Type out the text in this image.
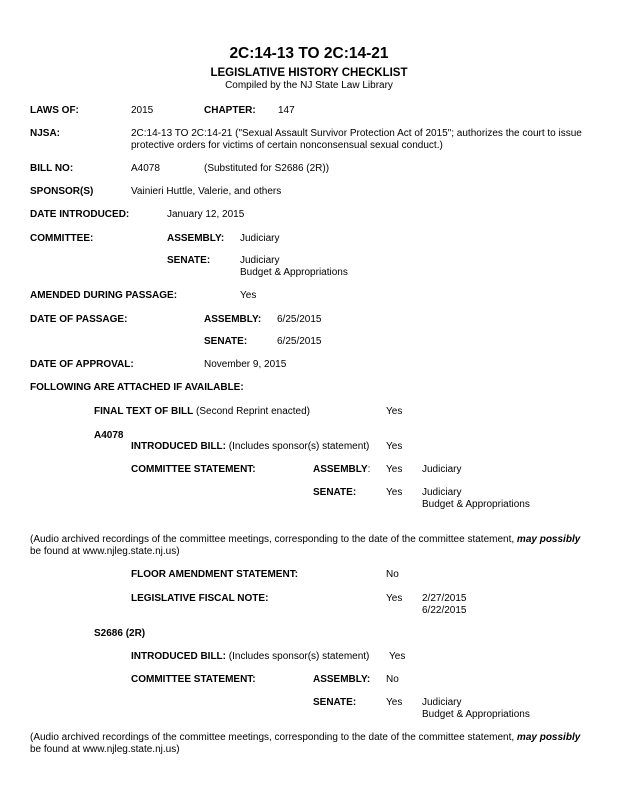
2C:14-13 TO 2C:14-21
LEGISLATIVE HISTORY CHECKLIST
Compiled by the NJ State Law Library
LAWS OF:	2015	CHAPTER: 147
NJSA:	2C:14-13 TO 2C:14-21 ("Sexual Assault Survivor Protection Act of 2015"; authorizes the court to issue
protective orders for victims of certain nonconsensual sexual conduct.)
BILL NO:	A4078	(Substituted for S2686 (2R))
SPONSOR(S)	Vainieri Huttle, Valerie, and others
DATE INTRODUCED:	January 12, 2015
COMMITTEE:	ASSEMBLY: Judiciary
SENATE:	Judiciary
Budget & Appropriations
AMENDED DURING PASSAGE:	Yes
DATE OF PASSAGE:	ASSEMBLY: 6/25/2015
SENATE:	6/25/2015
DATE OF APPROVAL:	November 9, 2015
FOLLOWING ARE ATTACHED IF AVAILABLE:
FINAL TEXT OF BILL (Second Reprint enacted)	Yes
A4078
INTRODUCED BILL: (Includes sponsor(s) statement) Yes
COMMITTEE STATEMENT:	ASSEMBLY: Yes Judiciary
SENATE:	Yes Judiciary
Budget & Appropriations
(Audio archived recordings of the committee meetings, corresponding to the date of the committee statement, may possibly
be found at www.njleg.state.nj.us)
FLOOR AMENDMENT STATEMENT:	No
LEGISLATIVE FISCAL NOTE:	Yes 2/27/2015
6/22/2015
S2686 (2R)
INTRODUCED BILL: (Includes sponsor(s) statement) Yes
COMMITTEE STATEMENT:	ASSEMBLY: No
SENATE:	Yes Judiciary
Budget & Appropriations
(Audio archived recordings of the committee meetings, corresponding to the date of the committee statement, may possibly
be found at www.njleg.state.nj.us)
